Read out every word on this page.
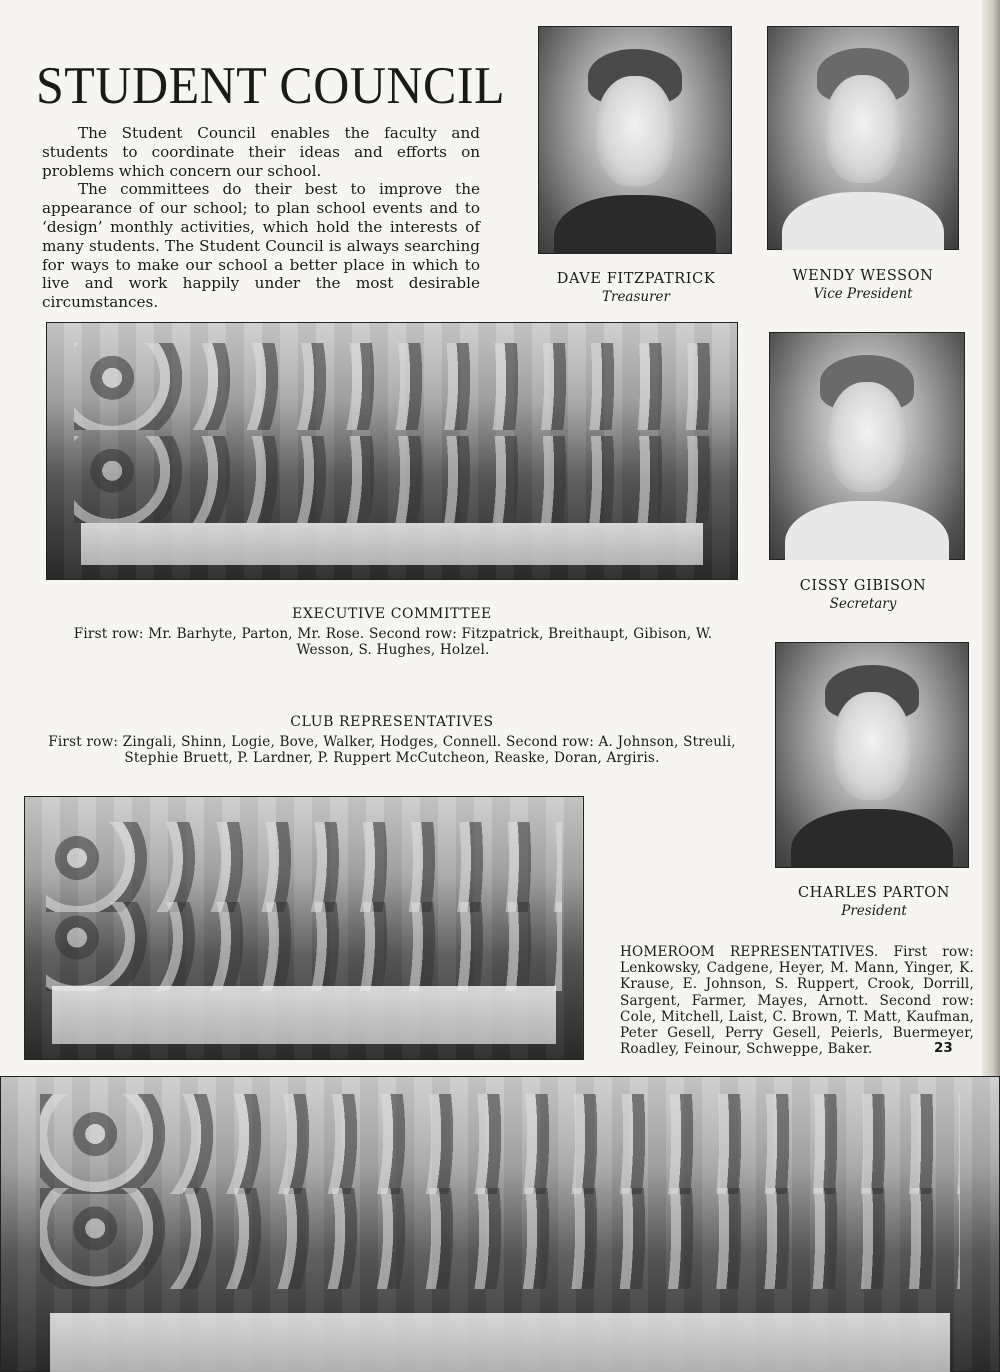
STUDENT COUNCIL

The Student Council enables the faculty and students to coordinate their ideas and efforts on problems which concern our school.

The committees do their best to improve the appearance of our school; to plan school events and to ‘design’ monthly activities, which hold the interests of many students. The Student Council is always searching for ways to make our school a better place in which to live and work happily under the most desirable circumstances.

DAVE FITZPATRICK
Treasurer
WENDY WESSON
Vice President
CISSY GIBISON
Secretary
EXECUTIVE COMMITTEE
First row: Mr. Barhyte, Parton, Mr. Rose. Second row: Fitzpatrick, Breithaupt, Gibison, W. Wesson, S. Hughes, Holzel.
CHARLES PARTON
President
CLUB REPRESENTATIVES
First row: Zingali, Shinn, Logie, Bove, Walker, Hodges, Connell. Second row: A. Johnson, Streuli, Stephie Bruett, P. Lardner, P. Ruppert McCutcheon, Reaske, Doran, Argiris.
HOMEROOM REPRESENTATIVES. First row: Lenkowsky, Cadgene, Heyer, M. Mann, Yinger, K. Krause, E. Johnson, S. Ruppert, Crook, Dorrill, Sargent, Farmer, Mayes, Arnott. Second row: Cole, Mitchell, Laist, C. Brown, T. Matt, Kaufman, Peter Gesell, Perry Gesell, Peierls, Buermeyer, Roadley, Feinour, Schweppe, Baker.	23
